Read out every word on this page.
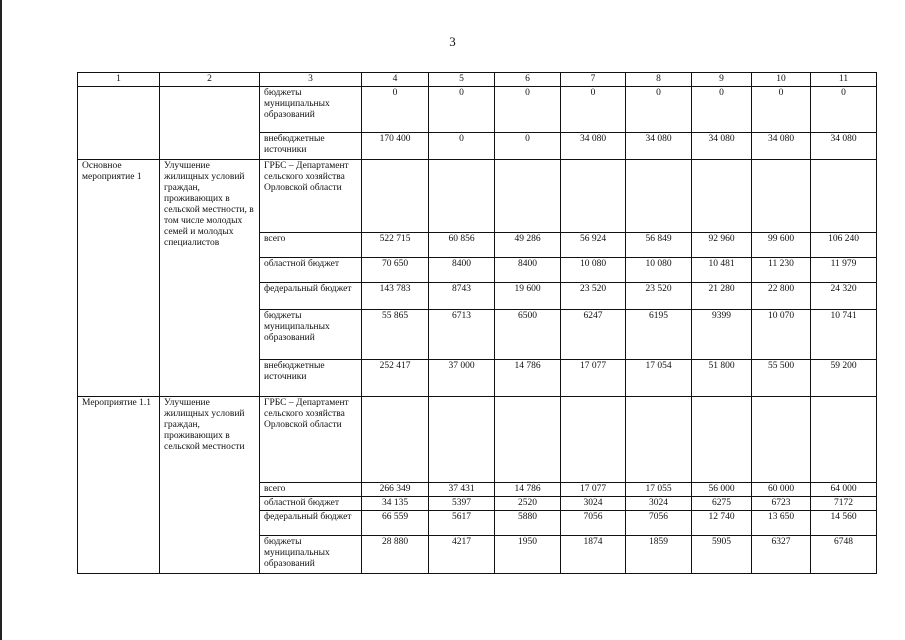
3
1	2	3	4	5	6	7	8	9	10	11
		бюджеты муниципальных образований	0	0	0	0	0	0	0	0
		внебюджетные источники	170 400	0	0	34 080	34 080	34 080	34 080	34 080
Основное мероприятие 1	Улучшение жилищных условий граждан, проживающих в сельской местности, в том числе молодых семей и молодых специалистов	ГРБС – Департамент сельского хозяйства Орловской области								
		всего	522 715	60 856	49 286	56 924	56 849	92 960	99 600	106 240
		областной бюджет	70 650	8400	8400	10 080	10 080	10 481	11 230	11 979
		федеральный бюджет	143 783	8743	19 600	23 520	23 520	21 280	22 800	24 320
		бюджеты муниципальных образований	55 865	6713	6500	6247	6195	9399	10 070	10 741
		внебюджетные источники	252 417	37 000	14 786	17 077	17 054	51 800	55 500	59 200
Мероприятие 1.1	Улучшение жилищных условий граждан, проживающих в сельской местности	ГРБС – Департамент сельского хозяйства Орловской области								
		всего	266 349	37 431	14 786	17 077	17 055	56 000	60 000	64 000
		областной бюджет	34 135	5397	2520	3024	3024	6275	6723	7172
		федеральный бюджет	66 559	5617	5880	7056	7056	12 740	13 650	14 560
		бюджеты муниципальных образований	28 880	4217	1950	1874	1859	5905	6327	6748
